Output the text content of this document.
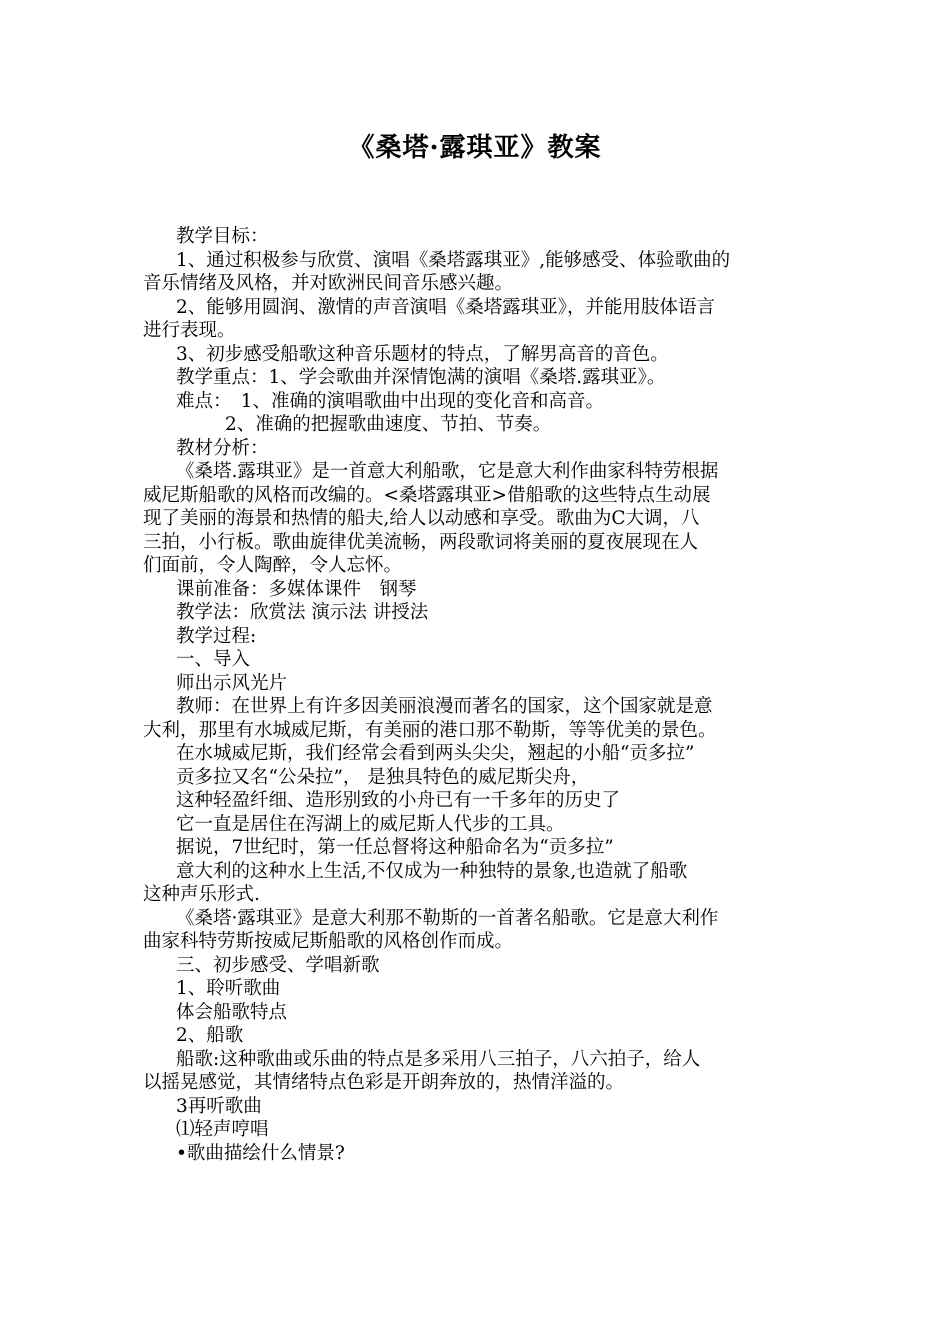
《桑塔·露琪亚》教案
教学目标：
1、通过积极参与欣赏、演唱《桑塔露琪亚》,能够感受、体验歌曲的
音乐情绪及风格，并对欧洲民间音乐感兴趣。
2、能够用圆润、激情的声音演唱《桑塔露琪亚》，并能用肢体语言
进行表现。
3、初步感受船歌这种音乐题材的特点，了解男高音的音色。
教学重点：1、学会歌曲并深情饱满的演唱《桑塔.露琪亚》。
难点：　1、准确的演唱歌曲中出现的变化音和高音。
2、准确的把握歌曲速度、节拍、节奏。
教材分析：
《桑塔.露琪亚》是一首意大利船歌，它是意大利作曲家科特劳根据
威尼斯船歌的风格而改编的。<桑塔露琪亚>借船歌的这些特点生动展
现了美丽的海景和热情的船夫,给人以动感和享受。歌曲为C大调，八
三拍，小行板。歌曲旋律优美流畅，两段歌词将美丽的夏夜展现在人
们面前，令人陶醉，令人忘怀。
课前准备：多媒体课件　钢琴
教学法：欣赏法 演示法 讲授法
教学过程:
一、导入
师出示风光片
教师：在世界上有许多因美丽浪漫而著名的国家，这个国家就是意
大利，那里有水城威尼斯，有美丽的港口那不勒斯，等等优美的景色。
在水城威尼斯，我们经常会看到两头尖尖，翘起的小船“贡多拉”
贡多拉又名“公朵拉”， 是独具特色的威尼斯尖舟，
这种轻盈纤细、造形别致的小舟已有一千多年的历史了
它一直是居住在泻湖上的威尼斯人代步的工具。
据说，7世纪时，第一任总督将这种船命名为“贡多拉”
意大利的这种水上生活,不仅成为一种独特的景象,也造就了船歌
这种声乐形式.
《桑塔·露琪亚》是意大利那不勒斯的一首著名船歌。它是意大利作
曲家科特劳斯按威尼斯船歌的风格创作而成。
三、初步感受、学唱新歌
1、聆听歌曲
体会船歌特点
2、船歌
船歌:这种歌曲或乐曲的特点是多采用八三拍子，八六拍子，给人
以摇晃感觉，其情绪特点色彩是开朗奔放的，热情洋溢的。
3再听歌曲
⑴轻声哼唱
•歌曲描绘什么情景?
